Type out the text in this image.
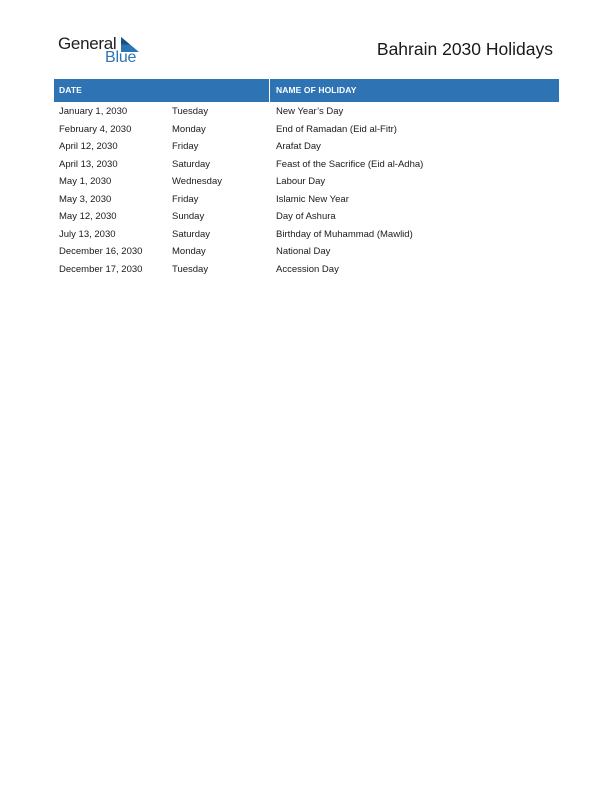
General
Blue	Bahrain 2030 Holidays
DATE	NAME OF HOLIDAY
January 1, 2030	Tuesday	New Year’s Day
February 4, 2030	Monday	End of Ramadan (Eid al-Fitr)
April 12, 2030	Friday	Arafat Day
April 13, 2030	Saturday	Feast of the Sacrifice (Eid al-Adha)
May 1, 2030	Wednesday	Labour Day
May 3, 2030	Friday	Islamic New Year
May 12, 2030	Sunday	Day of Ashura
July 13, 2030	Saturday	Birthday of Muhammad (Mawlid)
December 16, 2030	Monday	National Day
December 17, 2030	Tuesday	Accession Day
